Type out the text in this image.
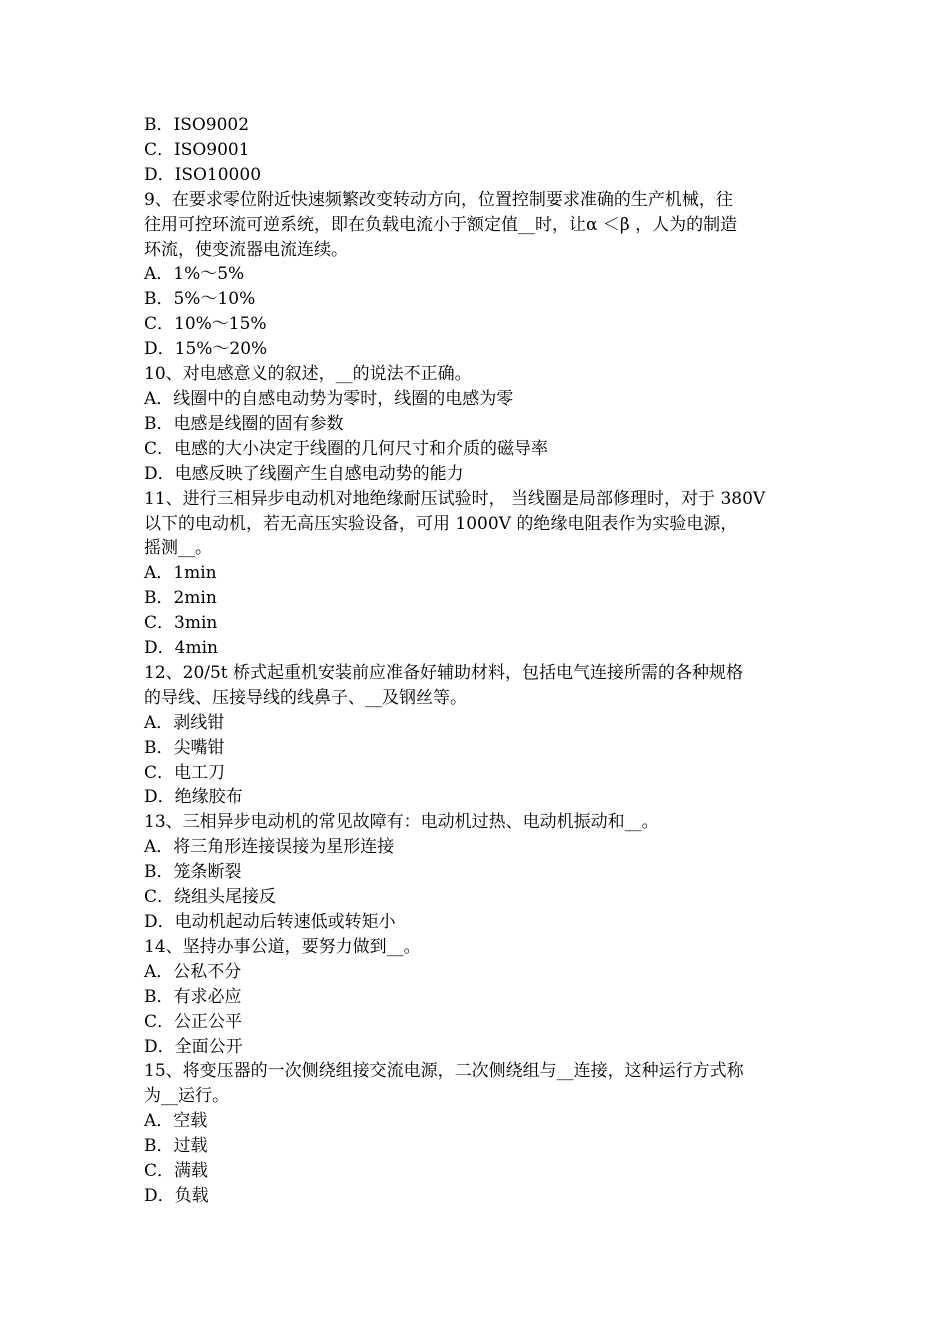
B．ISO9002
C．ISO9001
D．ISO10000
9、在要求零位附近快速频繁改变转动方向，位置控制要求准确的生产机械，往
往用可控环流可逆系统，即在负载电流小于额定值__时，让α ＜β ，人为的制造
环流，使变流器电流连续。
A．1%～5%
B．5%～10%
C．10%～15%
D．15%～20%
10、对电感意义的叙述，__的说法不正确。
A．线圈中的自感电动势为零时，线圈的电感为零
B．电感是线圈的固有参数
C．电感的大小决定于线圈的几何尺寸和介质的磁导率
D．电感反映了线圈产生自感电动势的能力
11、进行三相异步电动机对地绝缘耐压试验时， 当线圈是局部修理时，对于 380V
以下的电动机，若无高压实验设备，可用 1000V 的绝缘电阻表作为实验电源，
摇测__。
A．1min
B．2min
C．3min
D．4min
12、20/5t 桥式起重机安装前应准备好辅助材料，包括电气连接所需的各种规格
的导线、压接导线的线鼻子、__及钢丝等。
A．剥线钳
B．尖嘴钳
C．电工刀
D．绝缘胶布
13、三相异步电动机的常见故障有：电动机过热、电动机振动和__。
A．将三角形连接误接为星形连接
B．笼条断裂
C．绕组头尾接反
D．电动机起动后转速低或转矩小
14、坚持办事公道，要努力做到__。
A．公私不分
B．有求必应
C．公正公平
D．全面公开
15、将变压器的一次侧绕组接交流电源，二次侧绕组与__连接，这种运行方式称
为__运行。
A．空载
B．过载
C．满载
D．负载
